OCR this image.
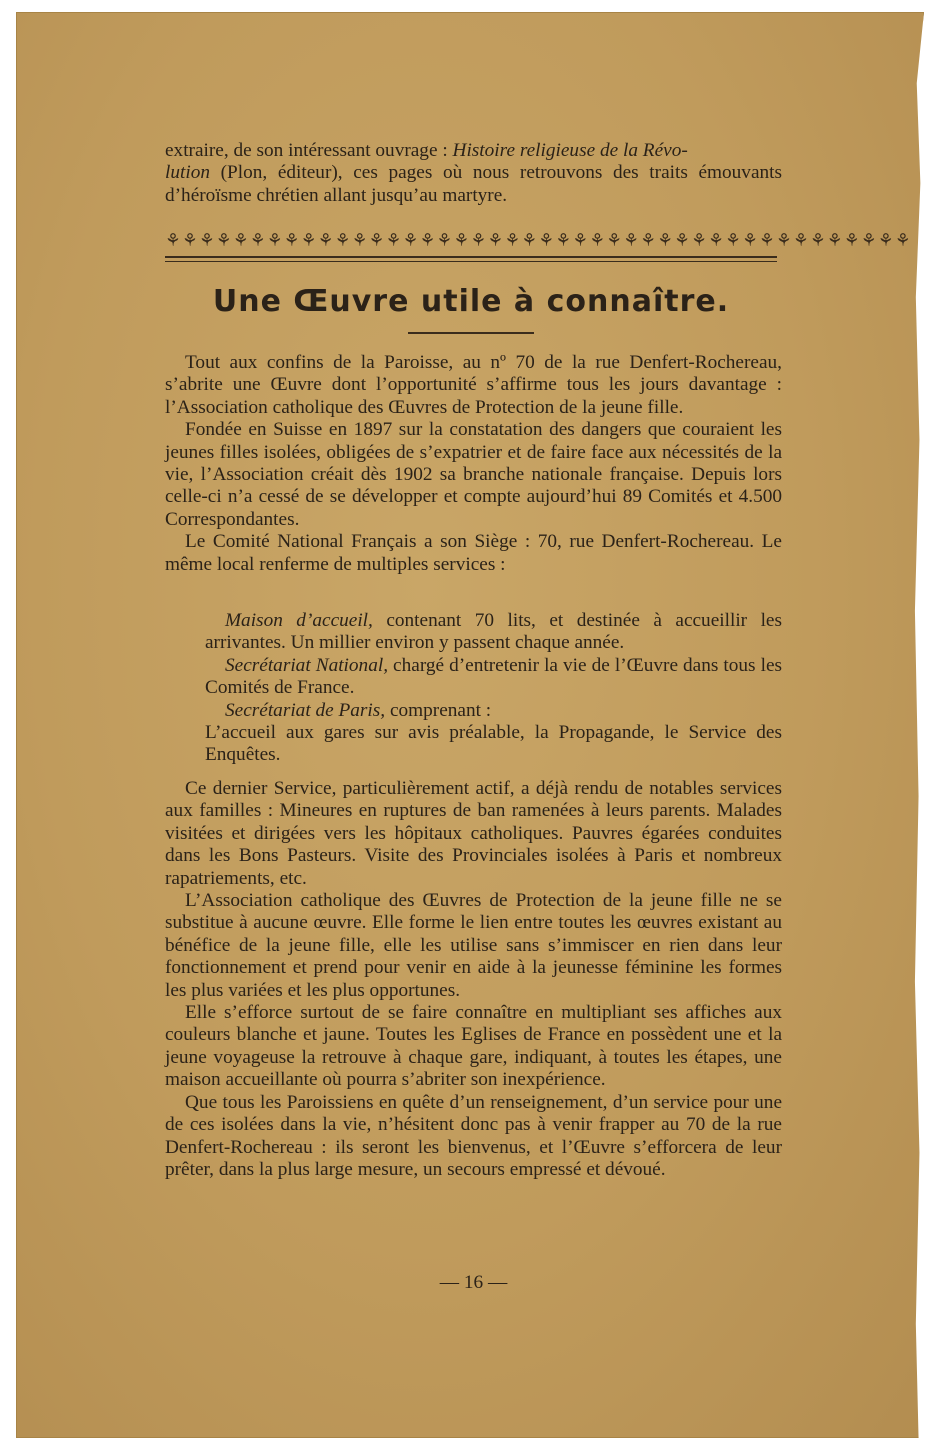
extraire, de son intéressant ouvrage : Histoire religieuse de la Révo-
lution (Plon, éditeur), ces pages où nous retrouvons des traits émouvants d’héroïsme chrétien allant jusqu’au martyre.

⚘⚘⚘⚘⚘⚘⚘⚘⚘⚘⚘⚘⚘⚘⚘⚘⚘⚘⚘⚘⚘⚘⚘⚘⚘⚘⚘⚘⚘⚘⚘⚘⚘⚘⚘⚘⚘⚘⚘⚘⚘⚘⚘⚘
Une Œuvre utile à connaître.

Tout aux confins de la Paroisse, au nº 70 de la rue Denfert-Rochereau, s’abrite une Œuvre dont l’opportunité s’affirme tous les jours davantage : l’Association catholique des Œuvres de Protection de la jeune fille.

Fondée en Suisse en 1897 sur la constatation des dangers que couraient les jeunes filles isolées, obligées de s’expatrier et de faire face aux nécessités de la vie, l’Association créait dès 1902 sa branche nationale française. Depuis lors celle-ci n’a cessé de se développer et compte aujourd’hui 89 Comités et 4.500 Correspondantes.

Le Comité National Français a son Siège : 70, rue Denfert-Rochereau. Le même local renferme de multiples services :

Maison d’accueil, contenant 70 lits, et destinée à accueillir les arrivantes. Un millier environ y passent chaque année.

Secrétariat National, chargé d’entretenir la vie de l’Œuvre dans tous les Comités de France.

Secrétariat de Paris, comprenant :

L’accueil aux gares sur avis préalable, la Propagande, le Service des Enquêtes.

Ce dernier Service, particulièrement actif, a déjà rendu de notables services aux familles : Mineures en ruptures de ban ramenées à leurs parents. Malades visitées et dirigées vers les hôpitaux catholiques. Pauvres égarées conduites dans les Bons Pasteurs. Visite des Provinciales isolées à Paris et nombreux rapatriements, etc.

L’Association catholique des Œuvres de Protection de la jeune fille ne se substitue à aucune œuvre. Elle forme le lien entre toutes les œuvres existant au bénéfice de la jeune fille, elle les utilise sans s’immiscer en rien dans leur fonctionnement et prend pour venir en aide à la jeunesse féminine les formes les plus variées et les plus opportunes.

Elle s’efforce surtout de se faire connaître en multipliant ses affiches aux couleurs blanche et jaune. Toutes les Eglises de France en possèdent une et la jeune voyageuse la retrouve à chaque gare, indiquant, à toutes les étapes, une maison accueillante où pourra s’abriter son inexpérience.

Que tous les Paroissiens en quête d’un renseignement, d’un service pour une de ces isolées dans la vie, n’hésitent donc pas à venir frapper au 70 de la rue Denfert-Rochereau : ils seront les bienvenus, et l’Œuvre s’efforcera de leur prêter, dans la plus large mesure, un secours empressé et dévoué.

— 16 —
